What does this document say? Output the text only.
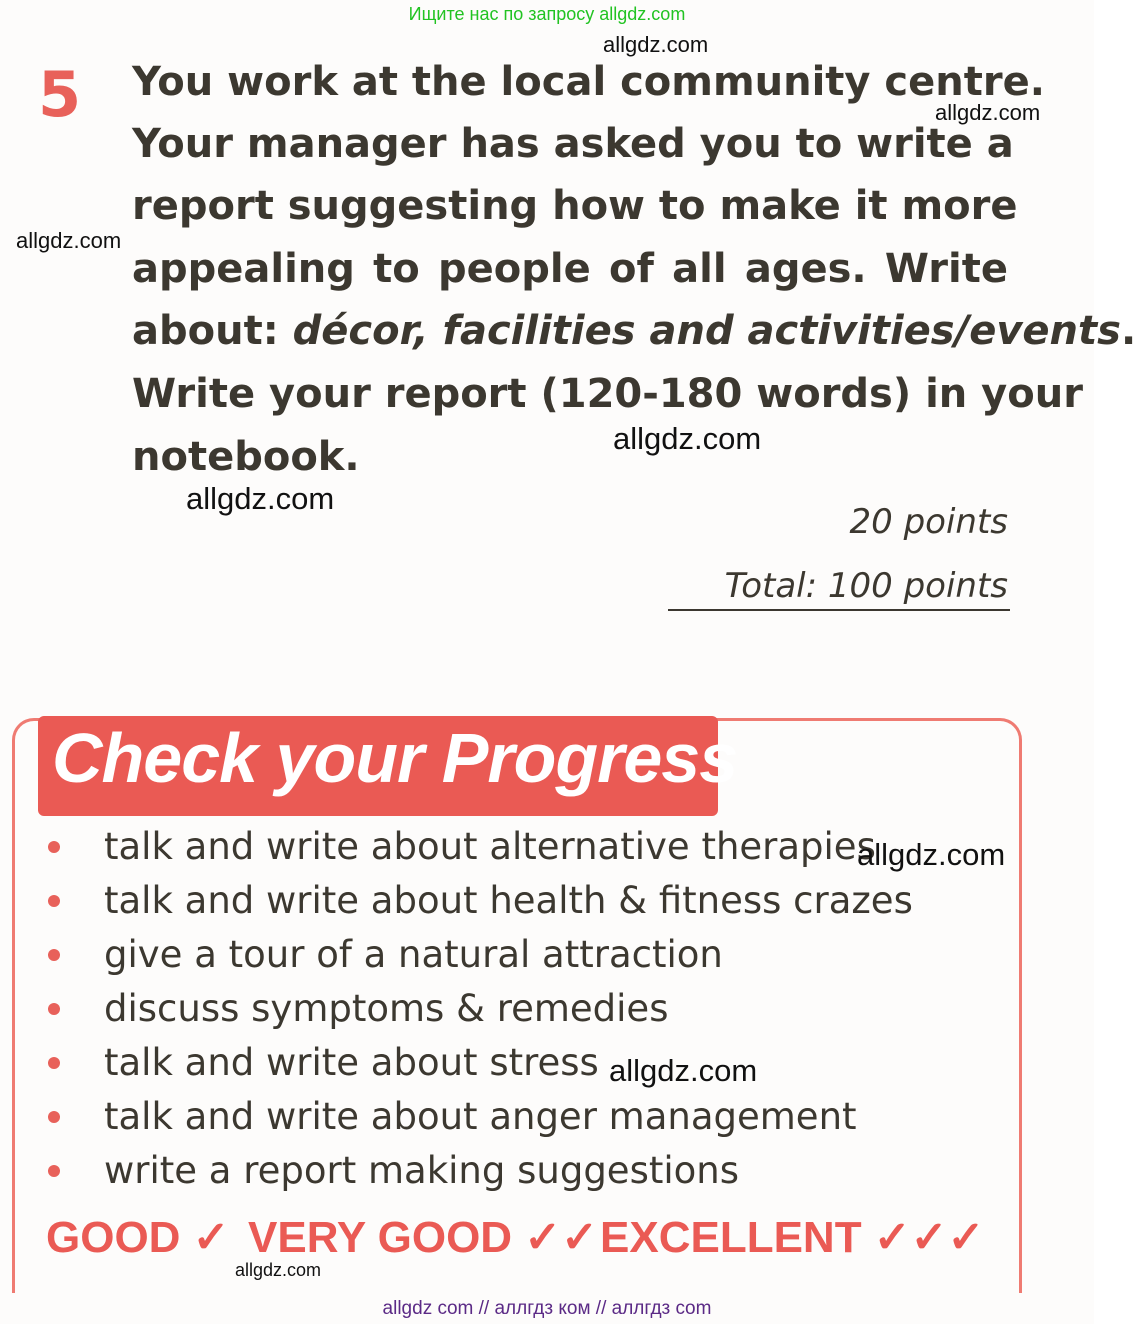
Ищите нас по запросу allgdz.com
5 You work at the local community centre.
Your manager has asked you to write a
report suggesting how to make it more
appealing to people of all ages. Write
about: décor, facilities and activities/events.
Write your report (120-180 words) in your
notebook.
20 points
Total: 100 points
Check your Progress
talk and write about alternative therapies
talk and write about health & fitness crazes
give a tour of a natural attraction
discuss symptoms & remedies
talk and write about stress
talk and write about anger management
write a report making suggestions
GOOD ✓ VERY GOOD ✓✓ EXCELLENT ✓✓✓
allgdz.com
allgdz.com
allgdz.com
allgdz.com
allgdz.com
allgdz.com
allgdz.com
allgdz.com
allgdz com // аллгдз ком // аллгдз com
